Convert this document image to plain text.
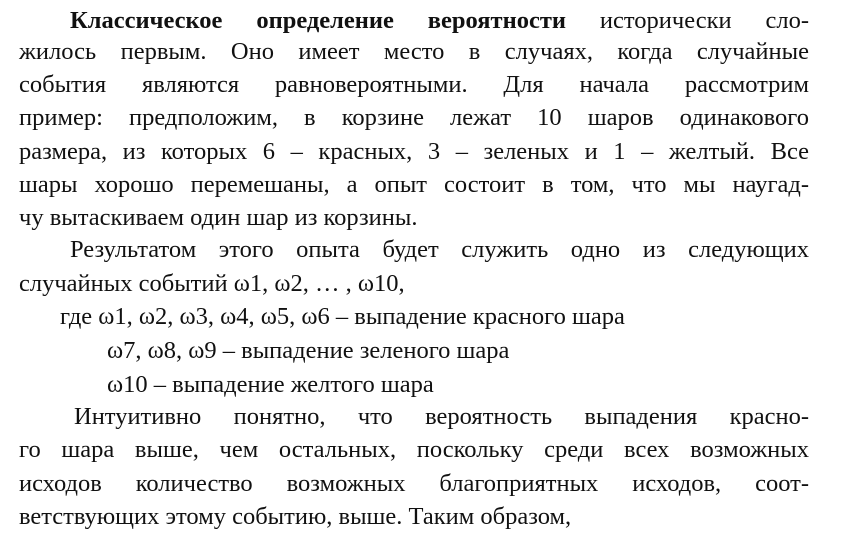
Классическое определение вероятности исторически сло-
жилось первым. Оно имеет место в случаях, когда случайные
события являются равновероятными. Для начала рассмотрим
пример: предположим, в корзине лежат 10 шаров одинакового
размера, из которых 6 – красных, 3 – зеленых и 1 – желтый. Все
шары хорошо перемешаны, а опыт состоит в том, что мы наугад-
чу вытаскиваем один шар из корзины.
Результатом этого опыта будет служить одно из следующих
случайных событий ω1, ω2, … , ω10,
где ω1, ω2, ω3, ω4, ω5, ω6 – выпадение красного шара
ω7, ω8, ω9 – выпадение зеленого шара
ω10 – выпадение желтого шара
Интуитивно понятно, что вероятность выпадения красно-
го шара выше, чем остальных, поскольку среди всех возможных
исходов количество возможных благоприятных исходов, соот-
ветствующих этому событию, выше. Таким образом,
